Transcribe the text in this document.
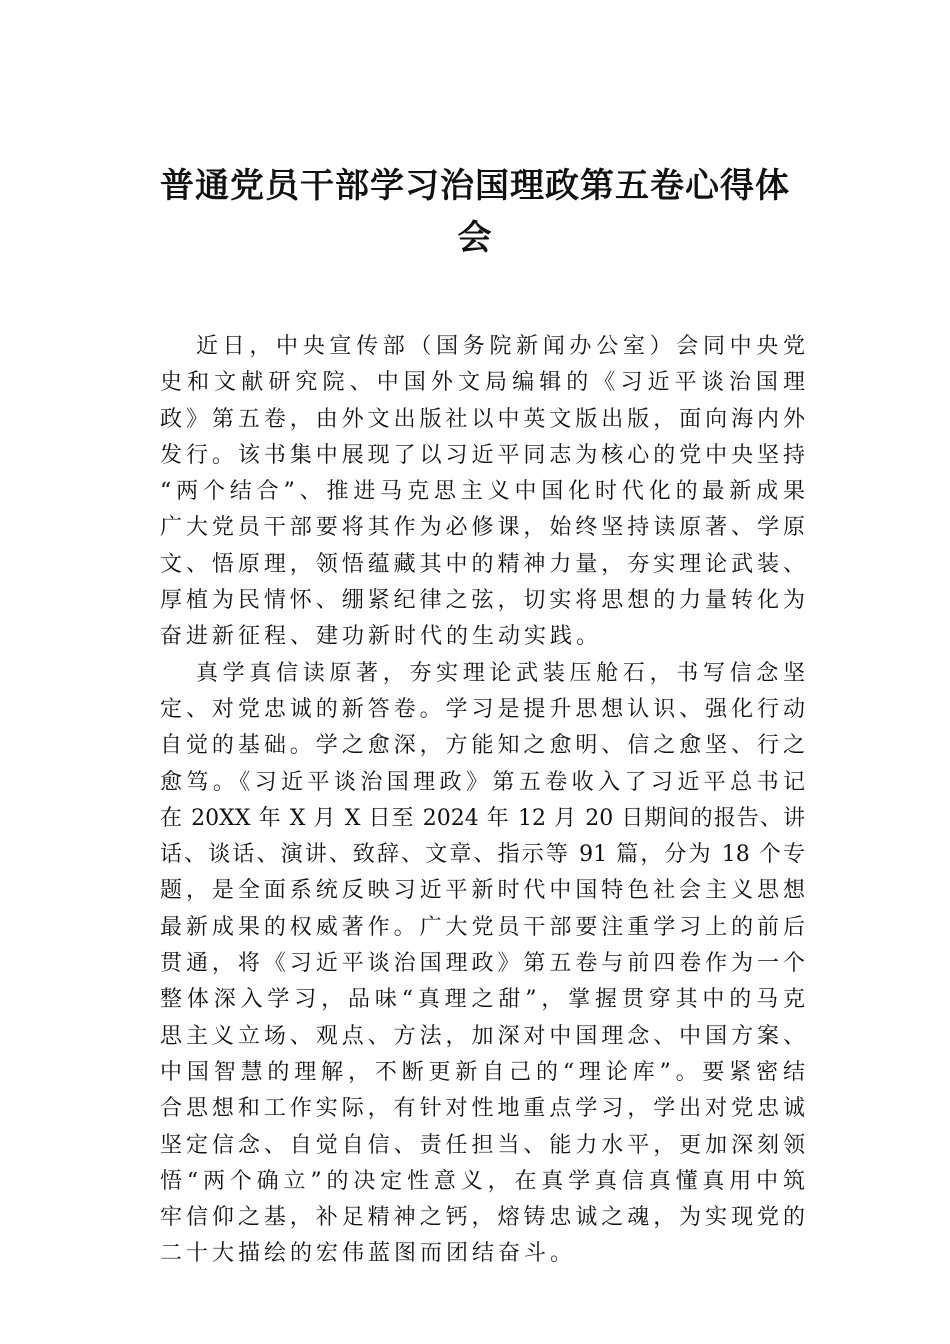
普通党员干部学习治国理政第五卷心得体
会
近日，中央宣传部（国务院新闻办公室）会同中央党
史和文献研究院、中国外文局编辑的《习近平谈治国理
政》第五卷，由外文出版社以中英文版出版，面向海内外
发行。该书集中展现了以习近平同志为核心的党中央坚持
“两个结合”、推进马克思主义中国化时代化的最新成果
广大党员干部要将其作为必修课，始终坚持读原著、学原
文、悟原理，领悟蕴藏其中的精神力量，夯实理论武装、
厚植为民情怀、绷紧纪律之弦，切实将思想的力量转化为
奋进新征程、建功新时代的生动实践。
真学真信读原著，夯实理论武装压舱石，书写信念坚
定、对党忠诚的新答卷。学习是提升思想认识、强化行动
自觉的基础。学之愈深，方能知之愈明、信之愈坚、行之
愈笃。《习近平谈治国理政》第五卷收入了习近平总书记
在 20XX 年 X 月 X 日至 2024 年 12 月 20 日期间的报告、讲
话、谈话、演讲、致辞、文章、指示等 91 篇，分为 18 个专
题，是全面系统反映习近平新时代中国特色社会主义思想
最新成果的权威著作。广大党员干部要注重学习上的前后
贯通，将《习近平谈治国理政》第五卷与前四卷作为一个
整体深入学习，品味“真理之甜”，掌握贯穿其中的马克
思主义立场、观点、方法，加深对中国理念、中国方案、
中国智慧的理解，不断更新自己的“理论库”。要紧密结
合思想和工作实际，有针对性地重点学习，学出对党忠诚
坚定信念、自觉自信、责任担当、能力水平，更加深刻领
悟“两个确立”的决定性意义，在真学真信真懂真用中筑
牢信仰之基，补足精神之钙，熔铸忠诚之魂，为实现党的
二十大描绘的宏伟蓝图而团结奋斗。
